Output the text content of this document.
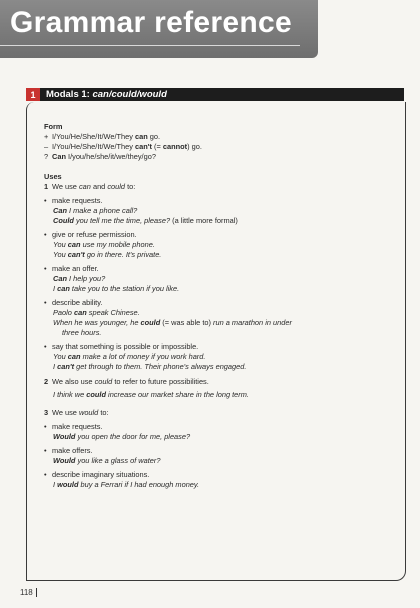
Grammar reference
1	Modals 1: can/could/would
Form
+ I/You/He/She/It/We/They can go.
– I/You/He/She/It/We/They can't (= cannot) go.
? Can I/you/he/she/it/we/they/go?
Uses
1 We use can and could to:
• make requests.
Can I make a phone call?
Could you tell me the time, please? (a little more formal)
• give or refuse permission.
You can use my mobile phone.
You can't go in there. It's private.
• make an offer.
Can I help you?
I can take you to the station if you like.
• describe ability.
Paolo can speak Chinese.
When he was younger, he could (= was able to) run a marathon in under
three hours.
• say that something is possible or impossible.
You can make a lot of money if you work hard.
I can't get through to them. Their phone's always engaged.
2 We also use could to refer to future possibilities.
I think we could increase our market share in the long term.
3 We use would to:
• make requests.
Would you open the door for me, please?
• make offers.
Would you like a glass of water?
• describe imaginary situations.
I would buy a Ferrari if I had enough money.
118
